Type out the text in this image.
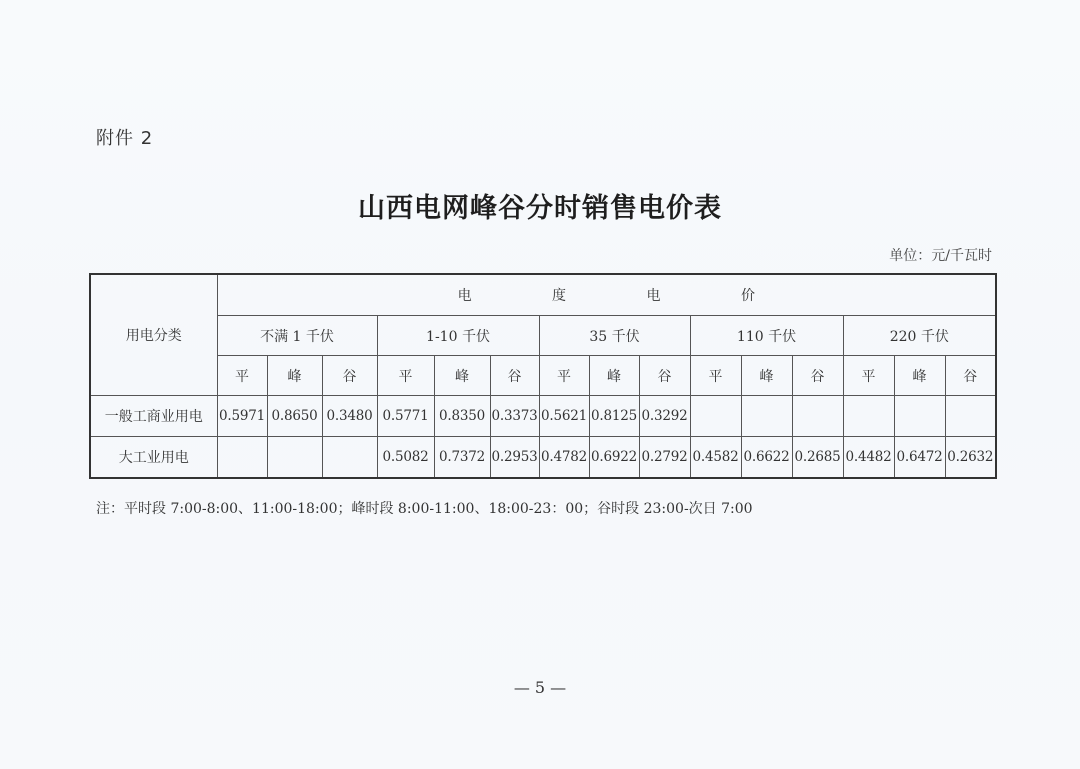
附件 2
山西电网峰谷分时销售电价表
单位：元/千瓦时
用电分类	电 度 电 价														
	不满 1 千伏			1-10 千伏			35 千伏			110 千伏			220 千伏		
	平	峰	谷	平	峰	谷	平	峰	谷	平	峰	谷	平	峰	谷
一般工商业用电	0.5971	0.8650	0.3480	0.5771	0.8350	0.3373	0.5621	0.8125	0.3292						
大工业用电				0.5082	0.7372	0.2953	0.4782	0.6922	0.2792	0.4582	0.6622	0.2685	0.4482	0.6472	0.2632
注：平时段 7:00-8:00、11:00-18:00；峰时段 8:00-11:00、18:00-23：00；谷时段 23:00-次日 7:00
— 5 —
